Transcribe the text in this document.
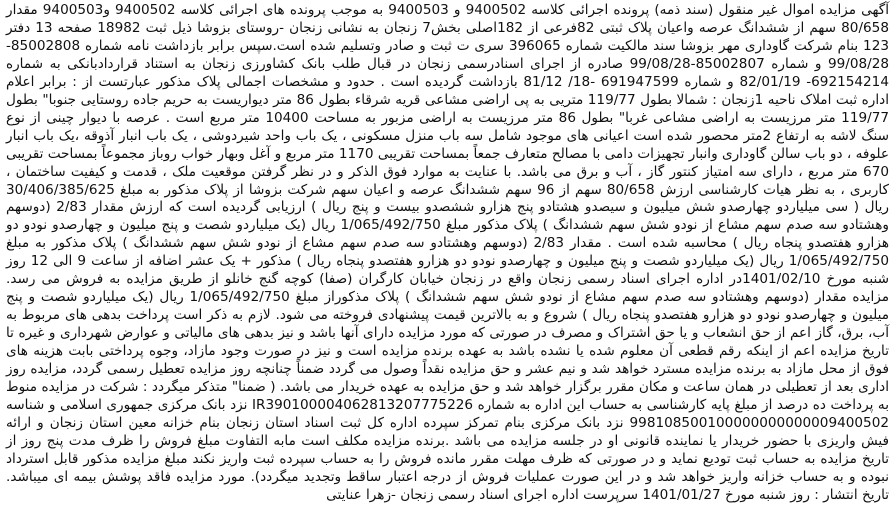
آگهی مزایده اموال غیر منقول (سند ذمه) پرونده اجرائی کلاسه 9400502 و 9400503 به موجب پرونده های اجرائی کلاسه 9400502 و9400503 مقدار 80/658 سهم از ششدانگ عرصه واعیان پلاک ثبتی 82فرعی از 182اصلی بخش7 زنجان به نشانی زنجان -روستای بزوشا ذیل ثبت 18982 صفحه 13 دفتر 123 بنام شرکت گاوداری مهر بزوشا سند مالکیت شماره 396065 سری ت ثبت و صادر وتسلیم شده است.سپس برابر بازداشت نامه شماره 85002808-99/08/28 و شماره 85002807-99/08/28 صادره از اجرای اسنادرسمی زنجان در قبال طلب بانک کشاورزی زنجان به استناد قراردادبانکی به شماره 692154214- 82/01/19 و شماره 691947599 -18/ 81/12 بازداشت گردیده است . حدود و مشخصات اجمالی پلاک مذکور عبارتست از : برابر اعلام اداره ثبت املاک ناحیه 1زنجان : شمالا بطول 119/77 متریی به پی اراضی مشاعی قریه شرقاء بطول 86 متر دیواریست به حریم جاده روستایی جنوبا" بطول 119/77 متر مرزیست به اراضی مشاعی غربا" بطول 86 متر مرزیست به اراضی مزبور به مساحت 10400 متر مربع است . عرصه با دیوار چینی از نوع سنگ لاشه به ارتفاع 2متر محصور شده است اعیانی های موجود شامل سه باب منزل مسکونی ، یک باب واحد شیردوشی ، یک باب انبار آذوقه ،یک باب انبار علوفه ، دو باب سالن گاوداری وانبار تجهیزات دامی با مصالح متعارف جمعاً بمساحت تقریبی 1170 متر مربع و آغل وبهار خواب روباز مجموعاً بمساحت تقریبی 670 متر مربع ، دارای سه امتیاز کنتور گاز ، آب و برق می باشد. با عنایت به موارد فوق الذکر و در نظر گرفتن موقعیت ملک ، قدمت و کیفیت ساختمان ، کاربری ، به نظر هیات کارشناسی ارزش 80/658 سهم از 96 سهم ششدانگ عرصه و اعیان سهم شرکت بزوشا از پلاک مذکور به مبلغ 30/406/385/625 ریال ( سی میلیاردو چهارصدو شش میلیون و سیصدو هشتادو پنج هزارو ششصدو بیست و پنج ریال ) ارزیابی گردیده است که ارزش مقدار 2/83 (دوسهم وهشتادو سه صدم سهم مشاع از نودو شش سهم ششدانگ ) پلاک مذکور مبلغ 1/065/492/750 ریال (یک میلیاردو شصت و پنج میلیون و چهارصدو نودو دو هزارو هفتصدو پنجاه ریال ) محاسبه شده است . مقدار 2/83 (دوسهم وهشتادو سه صدم سهم مشاع از نودو شش سهم ششدانگ ) پلاک مذکور به مبلغ 1/065/492/750 ریال (یک میلیاردو شصت و پنج میلیون و چهارصدو نودو دو هزارو هفتصدو پنجاه ریال ) مذکور + یک عشر اضافه از ساعت 9 الی 12 روز شنبه مورخ 1401/02/10در اداره اجرای اسناد رسمی زنجان واقع در زنجان خیابان کارگران (صفا) کوچه گنج خانلو از طریق مزایده به فروش می رسد. مزایده مقدار (دوسهم وهشتادو سه صدم سهم مشاع از نودو شش سهم ششدانگ ) پلاک مذکوراز مبلغ 1/065/492/750 ریال (یک میلیاردو شصت و پنج میلیون و چهارصدو نودو دو هزارو هفتصدو پنجاه ریال ) شروع و به بالاترین قیمت پیشنهادی فروخته می شود. لازم به ذکر است پرداخت بدهی های مربوط به آب، برق، گاز اعم از حق انشعاب و یا حق اشتراک و مصرف در صورتی که مورد مزایده دارای آنها باشد و نیز بدهی های مالیاتی و عوارض شهرداری و غیره تا تاریخ مزایده اعم از اینکه رقم قطعی آن معلوم شده یا نشده باشد به عهده برنده مزایده است و نیز در صورت وجود مازاد، وجوه پرداختی بابت هزینه های فوق از محل مازاد به برنده مزایده مسترد خواهد شد و نیم عشر و حق مزایده نقداً وصول می گردد ضمناً چنانچه روز مزایده تعطیل رسمی گردد، مزایده روز اداری بعد از تعطیلی در همان ساعت و مکان مقرر برگزار خواهد شد و حق مزایده به عهده خریدار می باشد. ( ضمنا" متذکر میگردد : شرکت در مزایده منوط به پرداخت ده درصد از مبلغ پایه کارشناسی به حساب این اداره به شماره IR390100004062813207775226 نزد بانک مرکزی جمهوری اسلامی و شناسه 998108500100000000000009400502 نزد بانک مرکزی بنام تمرکز سپرده اداره کل ثبت اسناد استان زنجان بنام خزانه معین استان زنجان و ارائه فیش واریزی با حضور خریدار یا نماینده قانونی او در جلسه مزایده می باشد .برنده مزایده مکلف است مابه التفاوت مبلغ فروش را ظرف مدت پنج روز از تاریخ مزایده به حساب ثبت تودیع نماید و در صورتی که ظرف مهلت مقرر مانده فروش را به حساب سپرده ثبت واریز نکند مبلغ مزایده مذکور قابل استرداد نبوده و به حساب خزانه واریز خواهد شد و در این صورت عملیات فروش از درجه اعتبار ساقط وتجدید میگردد). مورد مزایده فاقد پوشش بیمه ای میباشد. تاریخ انتشار : روز شنبه مورخ 1401/01/27 سرپرست اداره اجرای اسناد رسمی زنجان -زهرا عنایتی
